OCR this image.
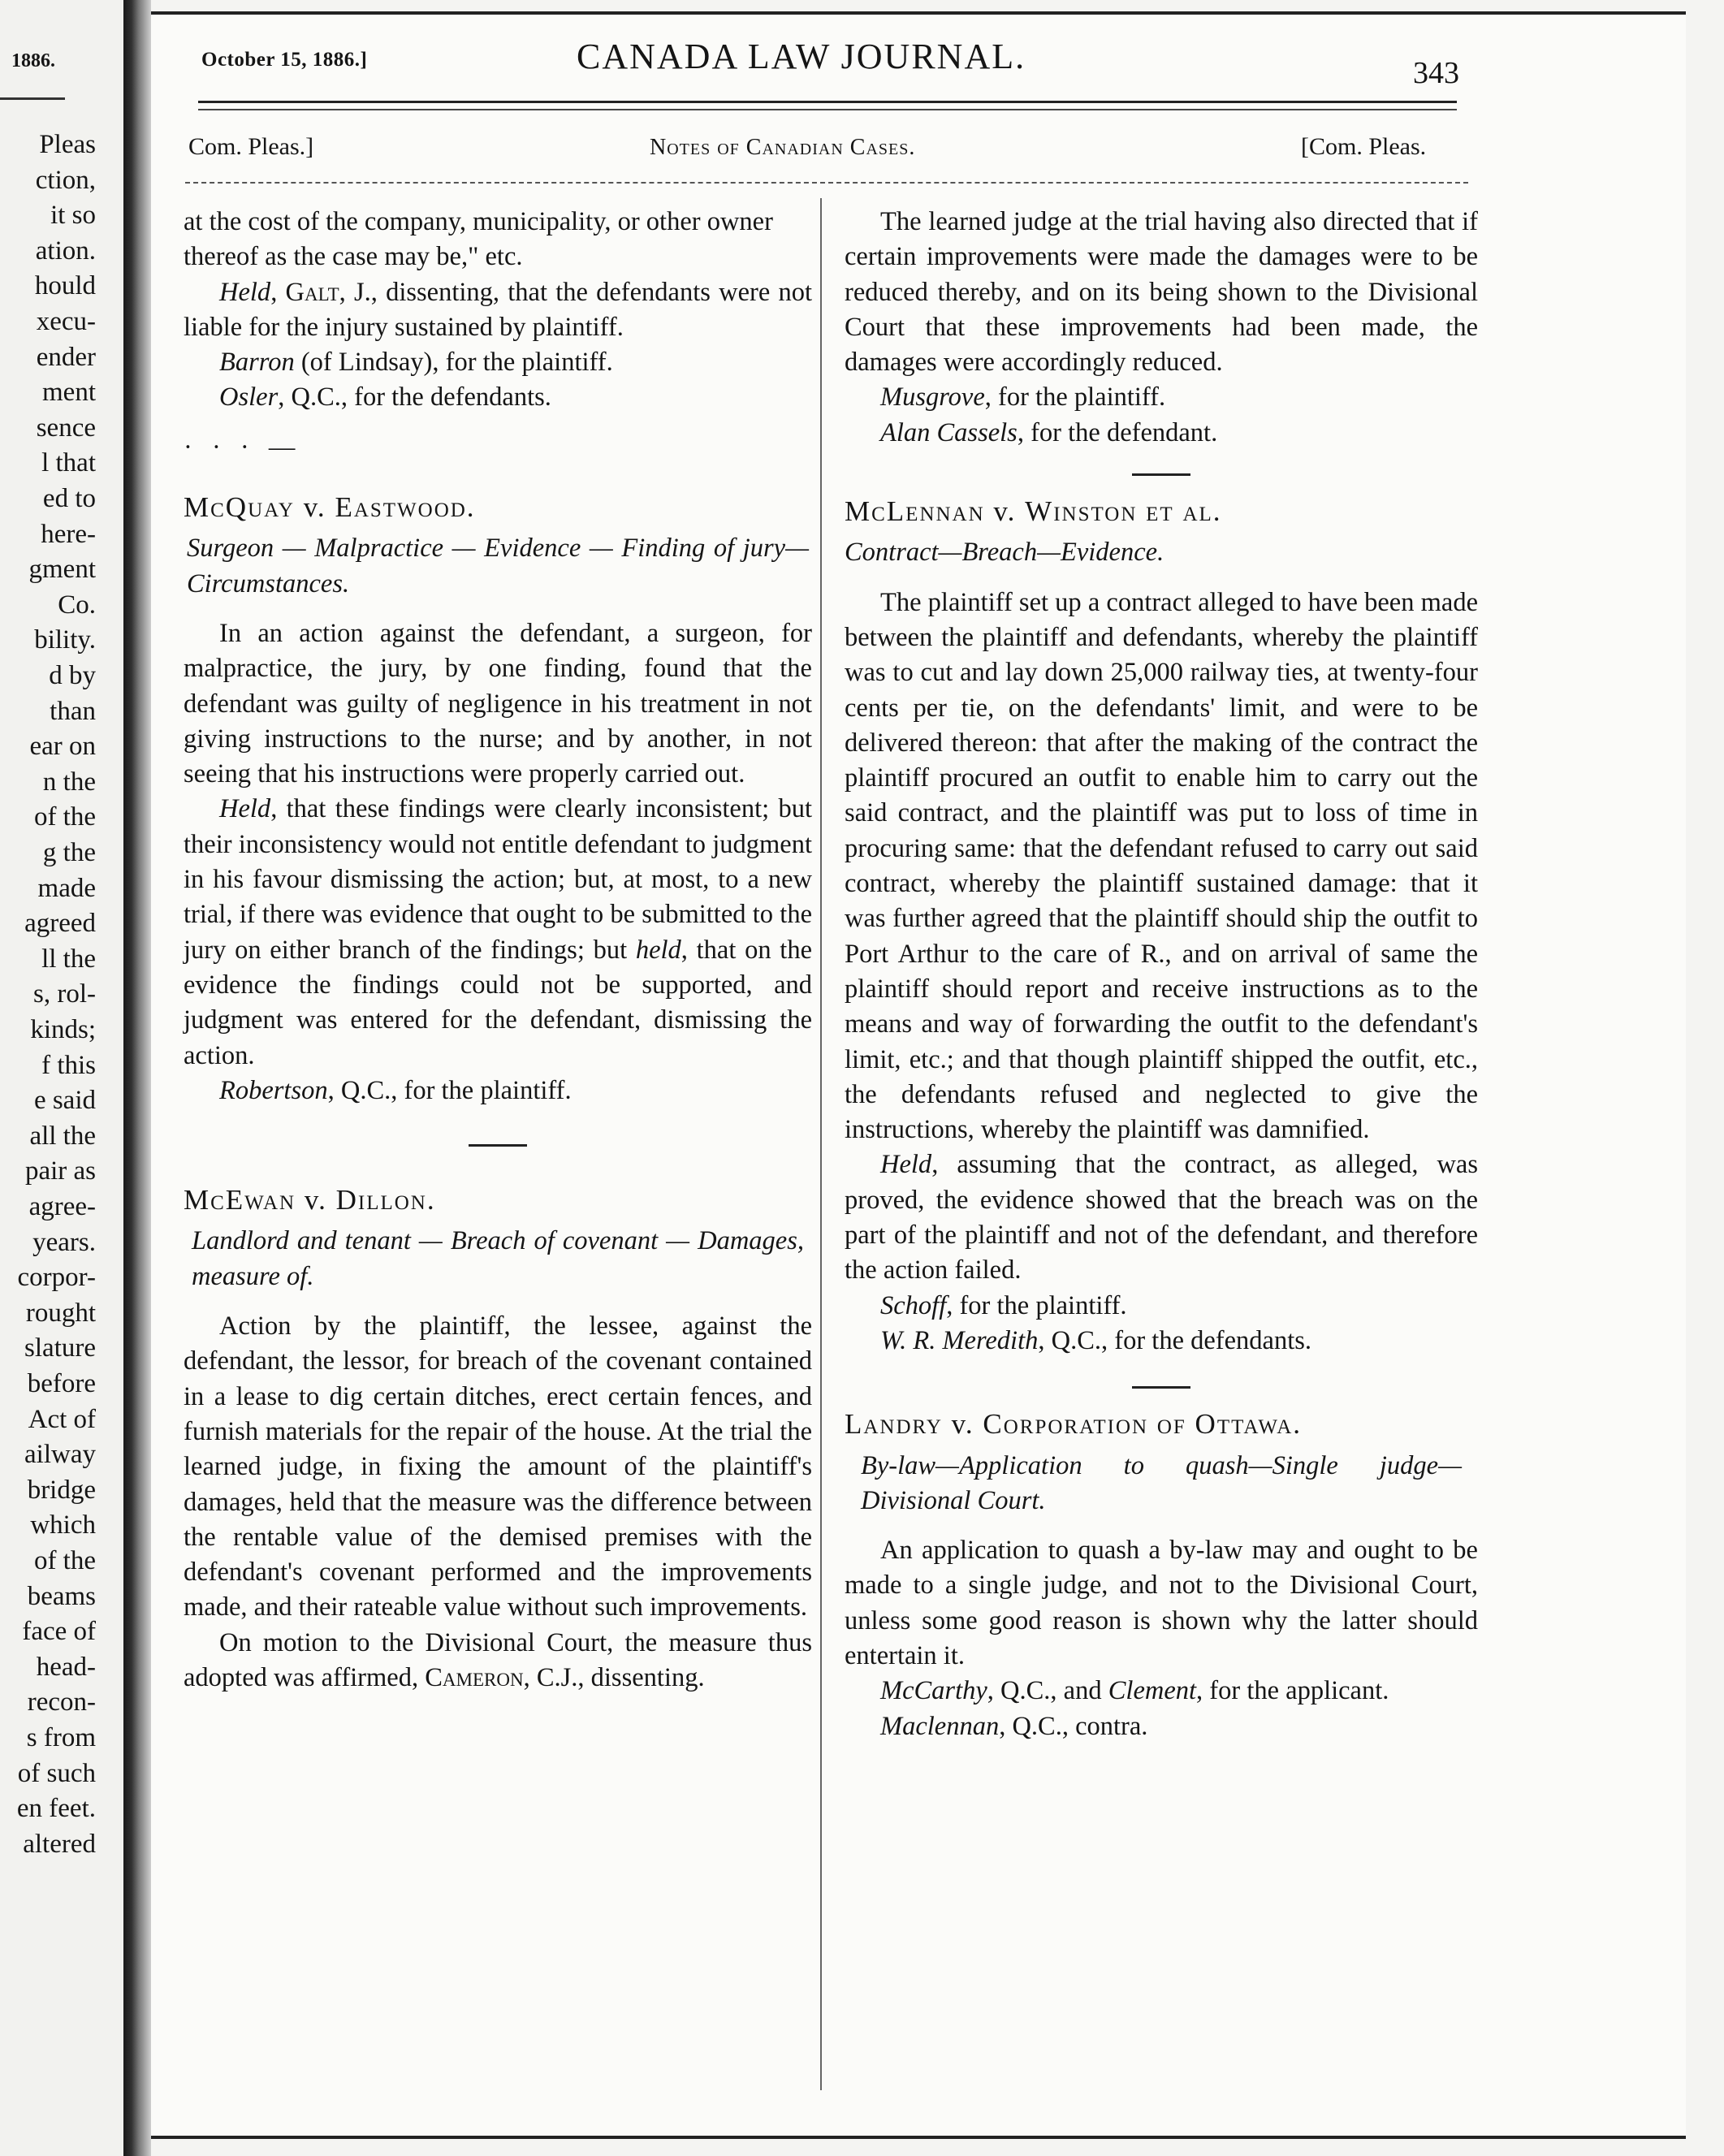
1886.
Pleas
ction,
it so
ation.
hould
xecu-
ender
ment
sence
l that
ed to
here-
gment
Co.
bility.
d by
than
ear on
n the
of the
g the
made
agreed
ll the
s, rol-
kinds;
f this
e said
all the
pair as
agree-
years.
corpor-
rought
slature
before
Act of
ailway
bridge
which
of the
beams
face of
head-
recon-
s from
of such
en feet.
altered
October 15, 1886.]	CANADA LAW JOURNAL.	343
Com. Pleas.]	Notes of Canadian Cases.	[Com. Pleas.

at the cost of the company, municipality, or other owner thereof as the case may be," etc.

Held, Galt, J., dissenting, that the defendants were not liable for the injury sustained by plaintiff.

Barron (of Lindsay), for the plaintiff.

Osler, Q.C., for the defendants.

· · · —

McQuay v. Eastwood.

Surgeon — Malpractice — Evidence — Finding of jury—Circumstances.

In an action against the defendant, a surgeon, for malpractice, the jury, by one finding, found that the defendant was guilty of negligence in his treatment in not giving instructions to the nurse; and by another, in not seeing that his instructions were properly carried out.

Held, that these findings were clearly inconsistent; but their inconsistency would not entitle defendant to judgment in his favour dismissing the action; but, at most, to a new trial, if there was evidence that ought to be submitted to the jury on either branch of the findings; but held, that on the evidence the findings could not be supported, and judgment was entered for the defendant, dismissing the action.

Robertson, Q.C., for the plaintiff.

McEwan v. Dillon.

Landlord and tenant — Breach of covenant — Damages, measure of.

Action by the plaintiff, the lessee, against the defendant, the lessor, for breach of the covenant contained in a lease to dig certain ditches, erect certain fences, and furnish materials for the repair of the house. At the trial the learned judge, in fixing the amount of the plaintiff's damages, held that the measure was the difference between the rentable value of the demised premises with the defendant's covenant performed and the improvements made, and their rateable value without such improvements.

On motion to the Divisional Court, the measure thus adopted was affirmed, Cameron, C.J., dissenting.

The learned judge at the trial having also directed that if certain improvements were made the damages were to be reduced thereby, and on its being shown to the Divisional Court that these improvements had been made, the damages were accordingly reduced.

Musgrove, for the plaintiff.

Alan Cassels, for the defendant.

McLennan v. Winston et al.

Contract—Breach—Evidence.

The plaintiff set up a contract alleged to have been made between the plaintiff and defendants, whereby the plaintiff was to cut and lay down 25,000 railway ties, at twenty-four cents per tie, on the defendants' limit, and were to be delivered thereon: that after the making of the contract the plaintiff procured an outfit to enable him to carry out the said contract, and the plaintiff was put to loss of time in procuring same: that the defendant refused to carry out said contract, whereby the plaintiff sustained damage: that it was further agreed that the plaintiff should ship the outfit to Port Arthur to the care of R., and on arrival of same the plaintiff should report and receive instructions as to the means and way of forwarding the outfit to the defendant's limit, etc.; and that though plaintiff shipped the outfit, etc., the defendants refused and neglected to give the instructions, whereby the plaintiff was damnified.

Held, assuming that the contract, as alleged, was proved, the evidence showed that the breach was on the part of the plaintiff and not of the defendant, and therefore the action failed.

Schoff, for the plaintiff.

W. R. Meredith, Q.C., for the defendants.

Landry v. Corporation of Ottawa.

By-law—Application to quash—Single judge—Divisional Court.

An application to quash a by-law may and ought to be made to a single judge, and not to the Divisional Court, unless some good reason is shown why the latter should entertain it.

McCarthy, Q.C., and Clement, for the applicant.

Maclennan, Q.C., contra.
